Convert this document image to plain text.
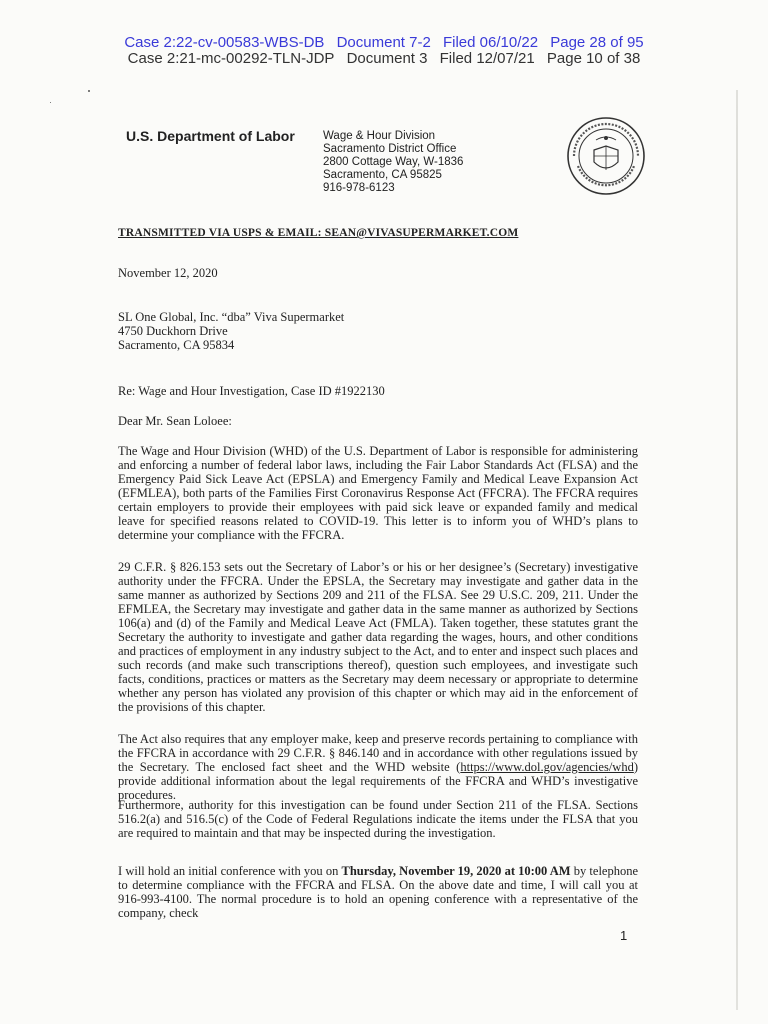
Case 2:22-cv-00583-WBS-DB Document 7-2 Filed 06/10/22 Page 28 of 95
Case 2:21-mc-00292-TLN-JDP Document 3 Filed 12/07/21 Page 10 of 38
U.S. Department of Labor Wage & Hour Division
Sacramento District Office
2800 Cottage Way, W-1836
Sacramento, CA 95825
916-978-6123
TRANSMITTED VIA USPS & EMAIL: SEAN@VIVASUPERMARKET.COM
November 12, 2020
SL One Global, Inc. “dba” Viva Supermarket
4750 Duckhorn Drive
Sacramento, CA 95834
Re: Wage and Hour Investigation, Case ID #1922130
Dear Mr. Sean Loloee:

The Wage and Hour Division (WHD) of the U.S. Department of Labor is responsible for administering and enforcing a number of federal labor laws, including the Fair Labor Standards Act (FLSA) and the Emergency Paid Sick Leave Act (EPSLA) and Emergency Family and Medical Leave Expansion Act (EFMLEA), both parts of the Families First Coronavirus Response Act (FFCRA). The FFCRA requires certain employers to provide their employees with paid sick leave or expanded family and medical leave for specified reasons related to COVID-19. This letter is to inform you of WHD’s plans to determine your compliance with the FFCRA.

29 C.F.R. § 826.153 sets out the Secretary of Labor’s or his or her designee’s (Secretary) investigative authority under the FFCRA. Under the EPSLA, the Secretary may investigate and gather data in the same manner as authorized by Sections 209 and 211 of the FLSA. See 29 U.S.C. 209, 211. Under the EFMLEA, the Secretary may investigate and gather data in the same manner as authorized by Sections 106(a) and (d) of the Family and Medical Leave Act (FMLA). Taken together, these statutes grant the Secretary the authority to investigate and gather data regarding the wages, hours, and other conditions and practices of employment in any industry subject to the Act, and to enter and inspect such places and such records (and make such transcriptions thereof), question such employees, and investigate such facts, conditions, practices or matters as the Secretary may deem necessary or appropriate to determine whether any person has violated any provision of this chapter or which may aid in the enforcement of the provisions of this chapter.

The Act also requires that any employer make, keep and preserve records pertaining to compliance with the FFCRA in accordance with 29 C.F.R. § 846.140 and in accordance with other regulations issued by the Secretary. The enclosed fact sheet and the WHD website (https://www.dol.gov/agencies/whd) provide additional information about the legal requirements of the FFCRA and WHD’s investigative procedures.

Furthermore, authority for this investigation can be found under Section 211 of the FLSA. Sections 516.2(a) and 516.5(c) of the Code of Federal Regulations indicate the items under the FLSA that you are required to maintain and that may be inspected during the investigation.

I will hold an initial conference with you on Thursday, November 19, 2020 at 10:00 AM by telephone to determine compliance with the FFCRA and FLSA. On the above date and time, I will call you at 916-993-4100. The normal procedure is to hold an opening conference with a representative of the company, check

1
